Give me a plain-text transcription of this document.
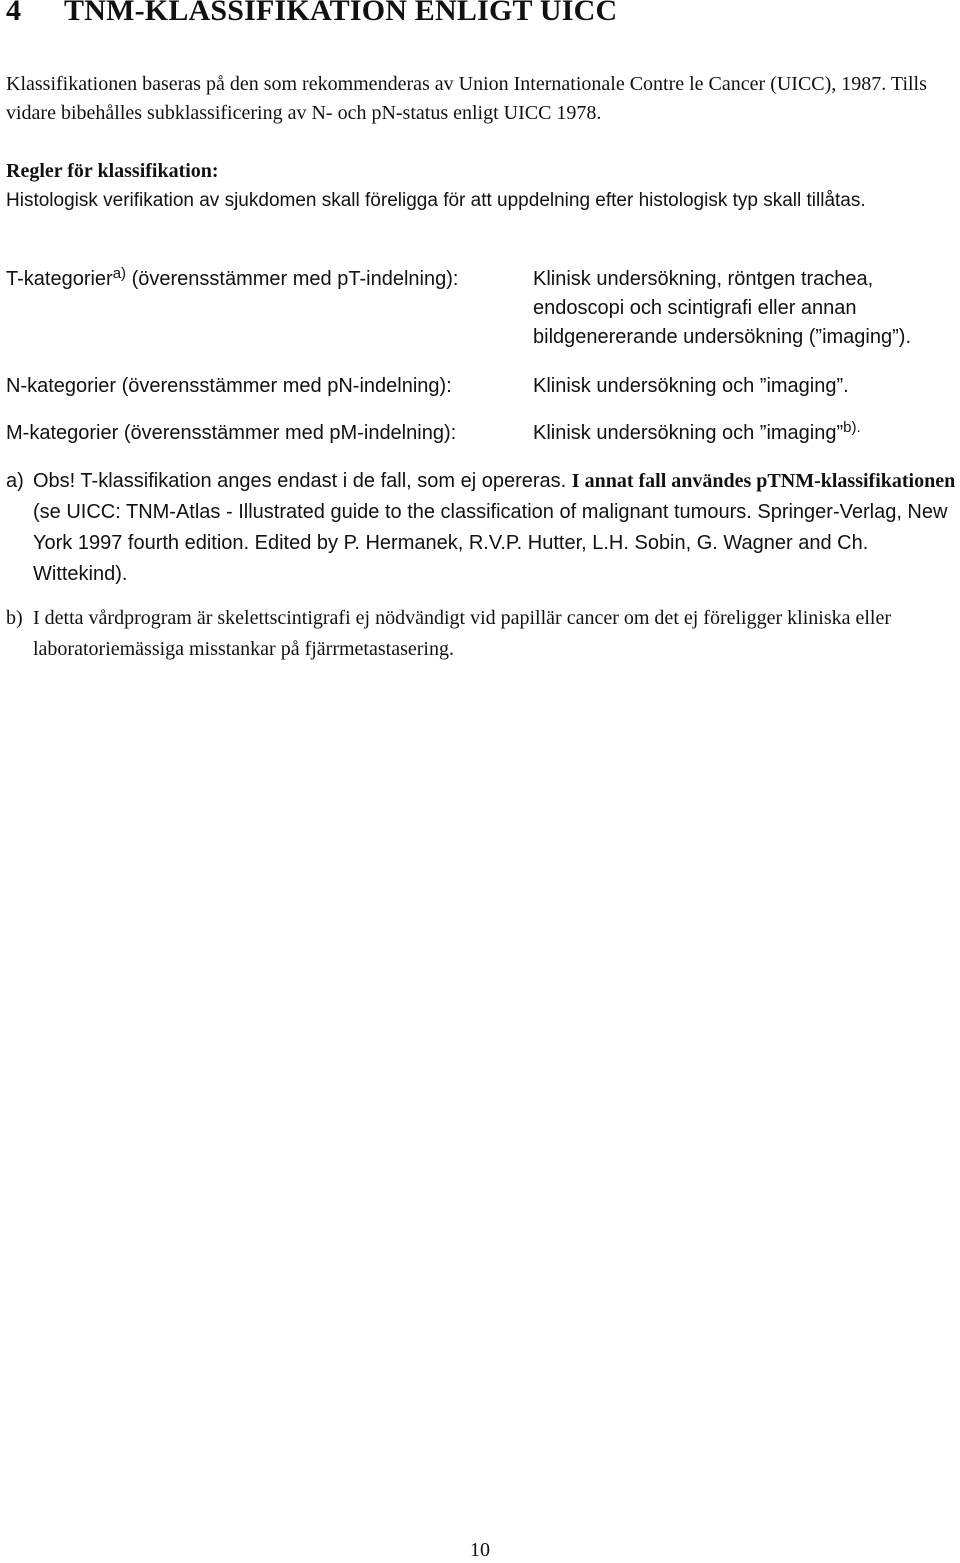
4 TNM-KLASSIFIKATION ENLIGT UICC

Klassifikationen baseras på den som rekommenderas av Union Internationale Contre le Cancer (UICC), 1987. Tills vidare bibehålles subklassificering av N- och pN-status enligt UICC 1978.

Regler för klassifikation:
Histologisk verifikation av sjukdomen skall föreligga för att uppdelning efter histologisk typ skall tillåtas.
T-kategorier$^{a)}$ (överensstämmer med pT-indelning):	Klinisk undersökning, röntgen trachea, endoscopi och scintigrafi eller annan bildgenererande undersökning (”imaging”).
N-kategorier (överensstämmer med pN-indelning):	Klinisk undersökning och ”imaging”.
M-kategorier (överensstämmer med pM-indelning):	Klinisk undersökning och ”imaging”$^{b).}$
a) Obs! T-klassifikation anges endast i de fall, som ej opereras. I annat fall användes pTNM-klassifikationen (se UICC: TNM-Atlas - Illustrated guide to the classification of malignant tumours. Springer-Verlag, New York 1997 fourth edition. Edited by P. Hermanek, R.V.P. Hutter, L.H. Sobin, G. Wagner and Ch. Wittekind).
b) I detta vårdprogram är skelettscintigrafi ej nödvändigt vid papillär cancer om det ej föreligger kliniska eller laboratoriemässiga misstankar på fjärrmetastasering.
10
